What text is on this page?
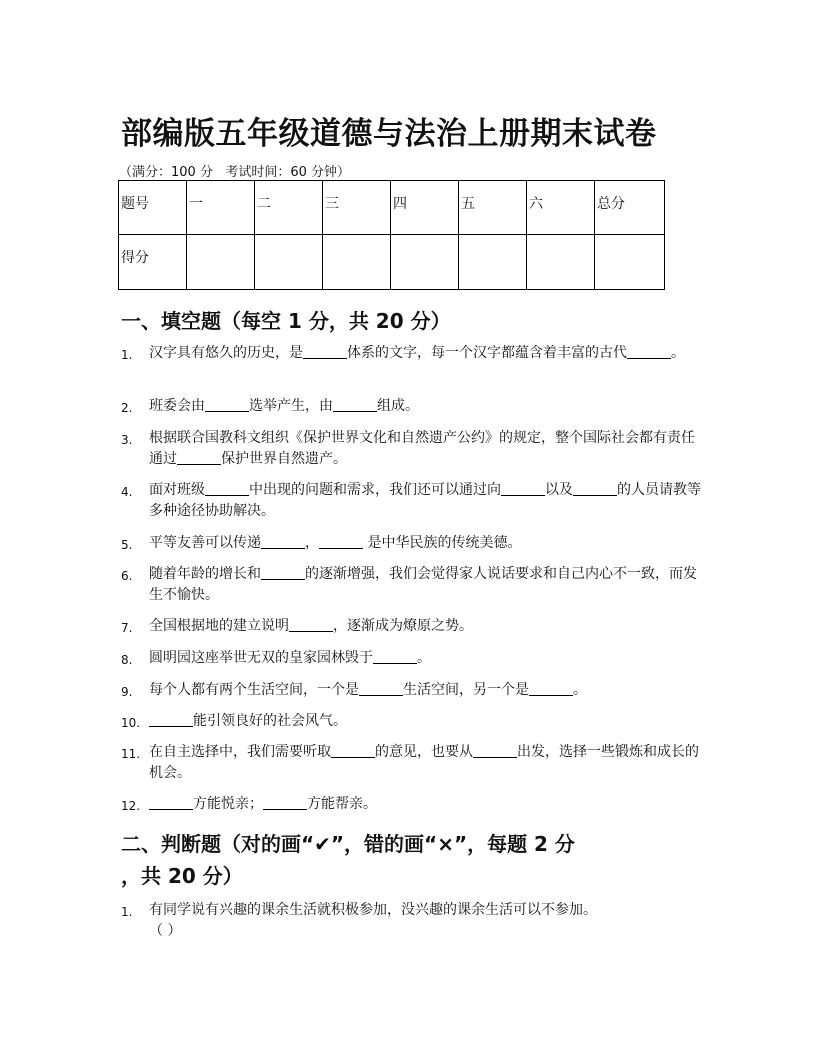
部编版五年级道德与法治上册期末试卷
（满分：100 分   考试时间：60 分钟）
题号	一	二	三	四	五	六	总分
得分							
一、填空题（每空 1 分，共 20 分）
1.	汉字具有悠久的历史，是	体系的文字，每一个汉字都蕴含着丰富的古代	。
2.	班委会由	选举产生，由	组成。
3.	根据联合国教科文组织《保护世界文化和自然遗产公约》的规定，整个国际社会都有责任通过	保护世界自然遗产。
4.	面对班级	中出现的问题和需求，我们还可以通过向	以及	的人员请教等多种途径协助解决。
5.	平等友善可以传递	，	是中华民族的传统美德。
6.	随着年龄的增长和	的逐渐增强，我们会觉得家人说话要求和自己内心不一致，而发生不愉快。
7.	全国根据地的建立说明	，逐渐成为燎原之势。
8.	圆明园这座举世无双的皇家园林毁于	。
9.	每个人都有两个生活空间，一个是	生活空间，另一个是	。
10.	能引领良好的社会风气。
11. 在自主选择中，我们需要听取	的意见，也要从	出发，选择一些锻炼和成长的机会。
12.	方能悦亲；	方能帮亲。
二、判断题（对的画“✔”，错的画“×”，每题 2 分
，共 20 分）
1.	有同学说有兴趣的课余生活就积极参加，没兴趣的课余生活可以不参加。
（ ）
